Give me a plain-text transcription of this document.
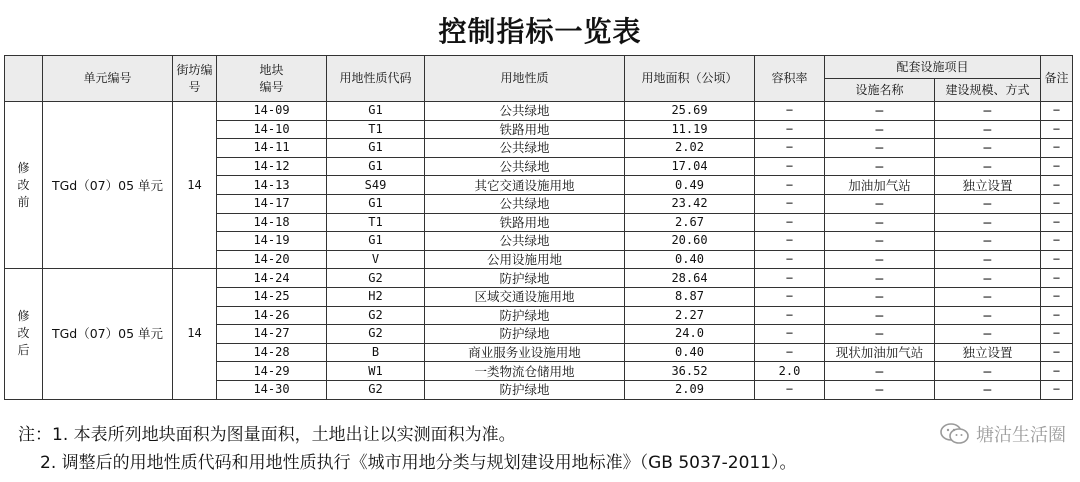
控制指标一览表
	单元编号	街坊编号	地块编号	用地性质代码	用地性质	用地面积（公顷）	容积率	配套设施项目		备注
								设施名称	建设规模、方式	

修
改
前	TGd（07）05 单元	14	14-09	G1	公共绿地	25.69	−	−	−	−
			14-10	T1	铁路用地	11.19	−	−	−	−
			14-11	G1	公共绿地	2.02	−	−	−	−
			14-12	G1	公共绿地	17.04	−	−	−	−
			14-13	S49	其它交通设施用地	0.49	−	加油加气站	独立设置	−
			14-17	G1	公共绿地	23.42	−	−	−	−
			14-18	T1	铁路用地	2.67	−	−	−	−
			14-19	G1	公共绿地	20.60	−	−	−	−
			14-20	V	公用设施用地	0.40	−	−	−	−

修
改
后	TGd（07）05 单元	14	14-24	G2	防护绿地	28.64	−	−	−	−
			14-25	H2	区域交通设施用地	8.87	−	−	−	−
			14-26	G2	防护绿地	2.27	−	−	−	−
			14-27	G2	防护绿地	24.0	−	−	−	−
			14-28	B	商业服务业设施用地	0.40	−	现状加油加气站	独立设置	−
			14-29	W1	一类物流仓储用地	36.52	2.0	−	−	−
			14-30	G2	防护绿地	2.09	−	−	−	−
注：1. 本表所列地块面积为图量面积，土地出让以实测面积为准。
2. 调整后的用地性质代码和用地性质执行《城市用地分类与规划建设用地标准》（GB 5037-2011）。
塘沽生活圈
